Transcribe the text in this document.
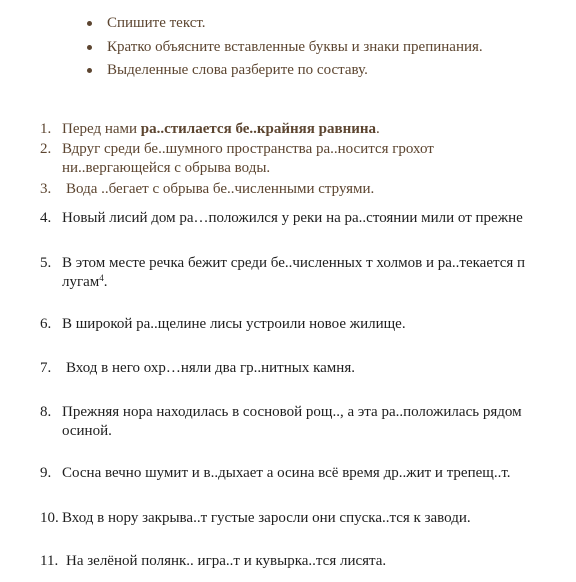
Спишите текст.
Кратко объясните вставленные буквы и знаки препинания.
Выделенные слова разберите по составу.
1. Перед нами ра..стилается бе..крайняя равнина.
2. Вдруг среди бе..шумного пространства ра..носится грохот
ни..вергающейся с обрыва воды.
3. Вода ..бегает с обрыва бе..численными струями.
4. Новый лисий дом ра…положился у реки на ра..стоянии мили от прежне
5. В этом месте речка бежит среди бе..численных т холмов и ра..текается п
лугам$^4$.
6. В широкой ра..щелине лисы устроили новое жилище.
7. Вход в него охр…няли два гр..нитных камня.
8. Прежняя нора находилась в сосновой рощ.., а эта ра..положилась рядом
осиной.
9. Сосна вечно шумит и в..дыхает а осина всё время др..жит и трепещ..т.
10. Вход в нору закрыва..т густые заросли они спуска..тся к заводи.
11. На зелёной полянк.. игра..т и кувырка..тся лисята.
